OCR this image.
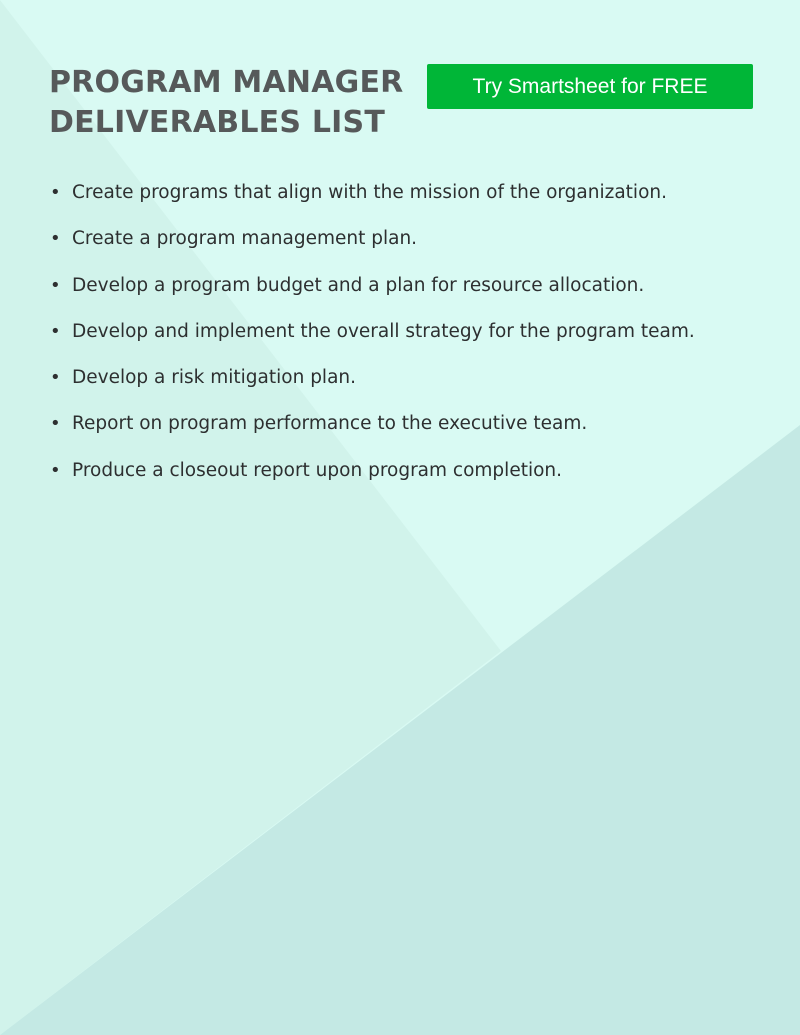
PROGRAM MANAGER
DELIVERABLES LIST
Try Smartsheet for FREE
• Create programs that align with the mission of the organization.
• Create a program management plan.
• Develop a program budget and a plan for resource allocation.
• Develop and implement the overall strategy for the program team.
• Develop a risk mitigation plan.
• Report on program performance to the executive team.
• Produce a closeout report upon program completion.
